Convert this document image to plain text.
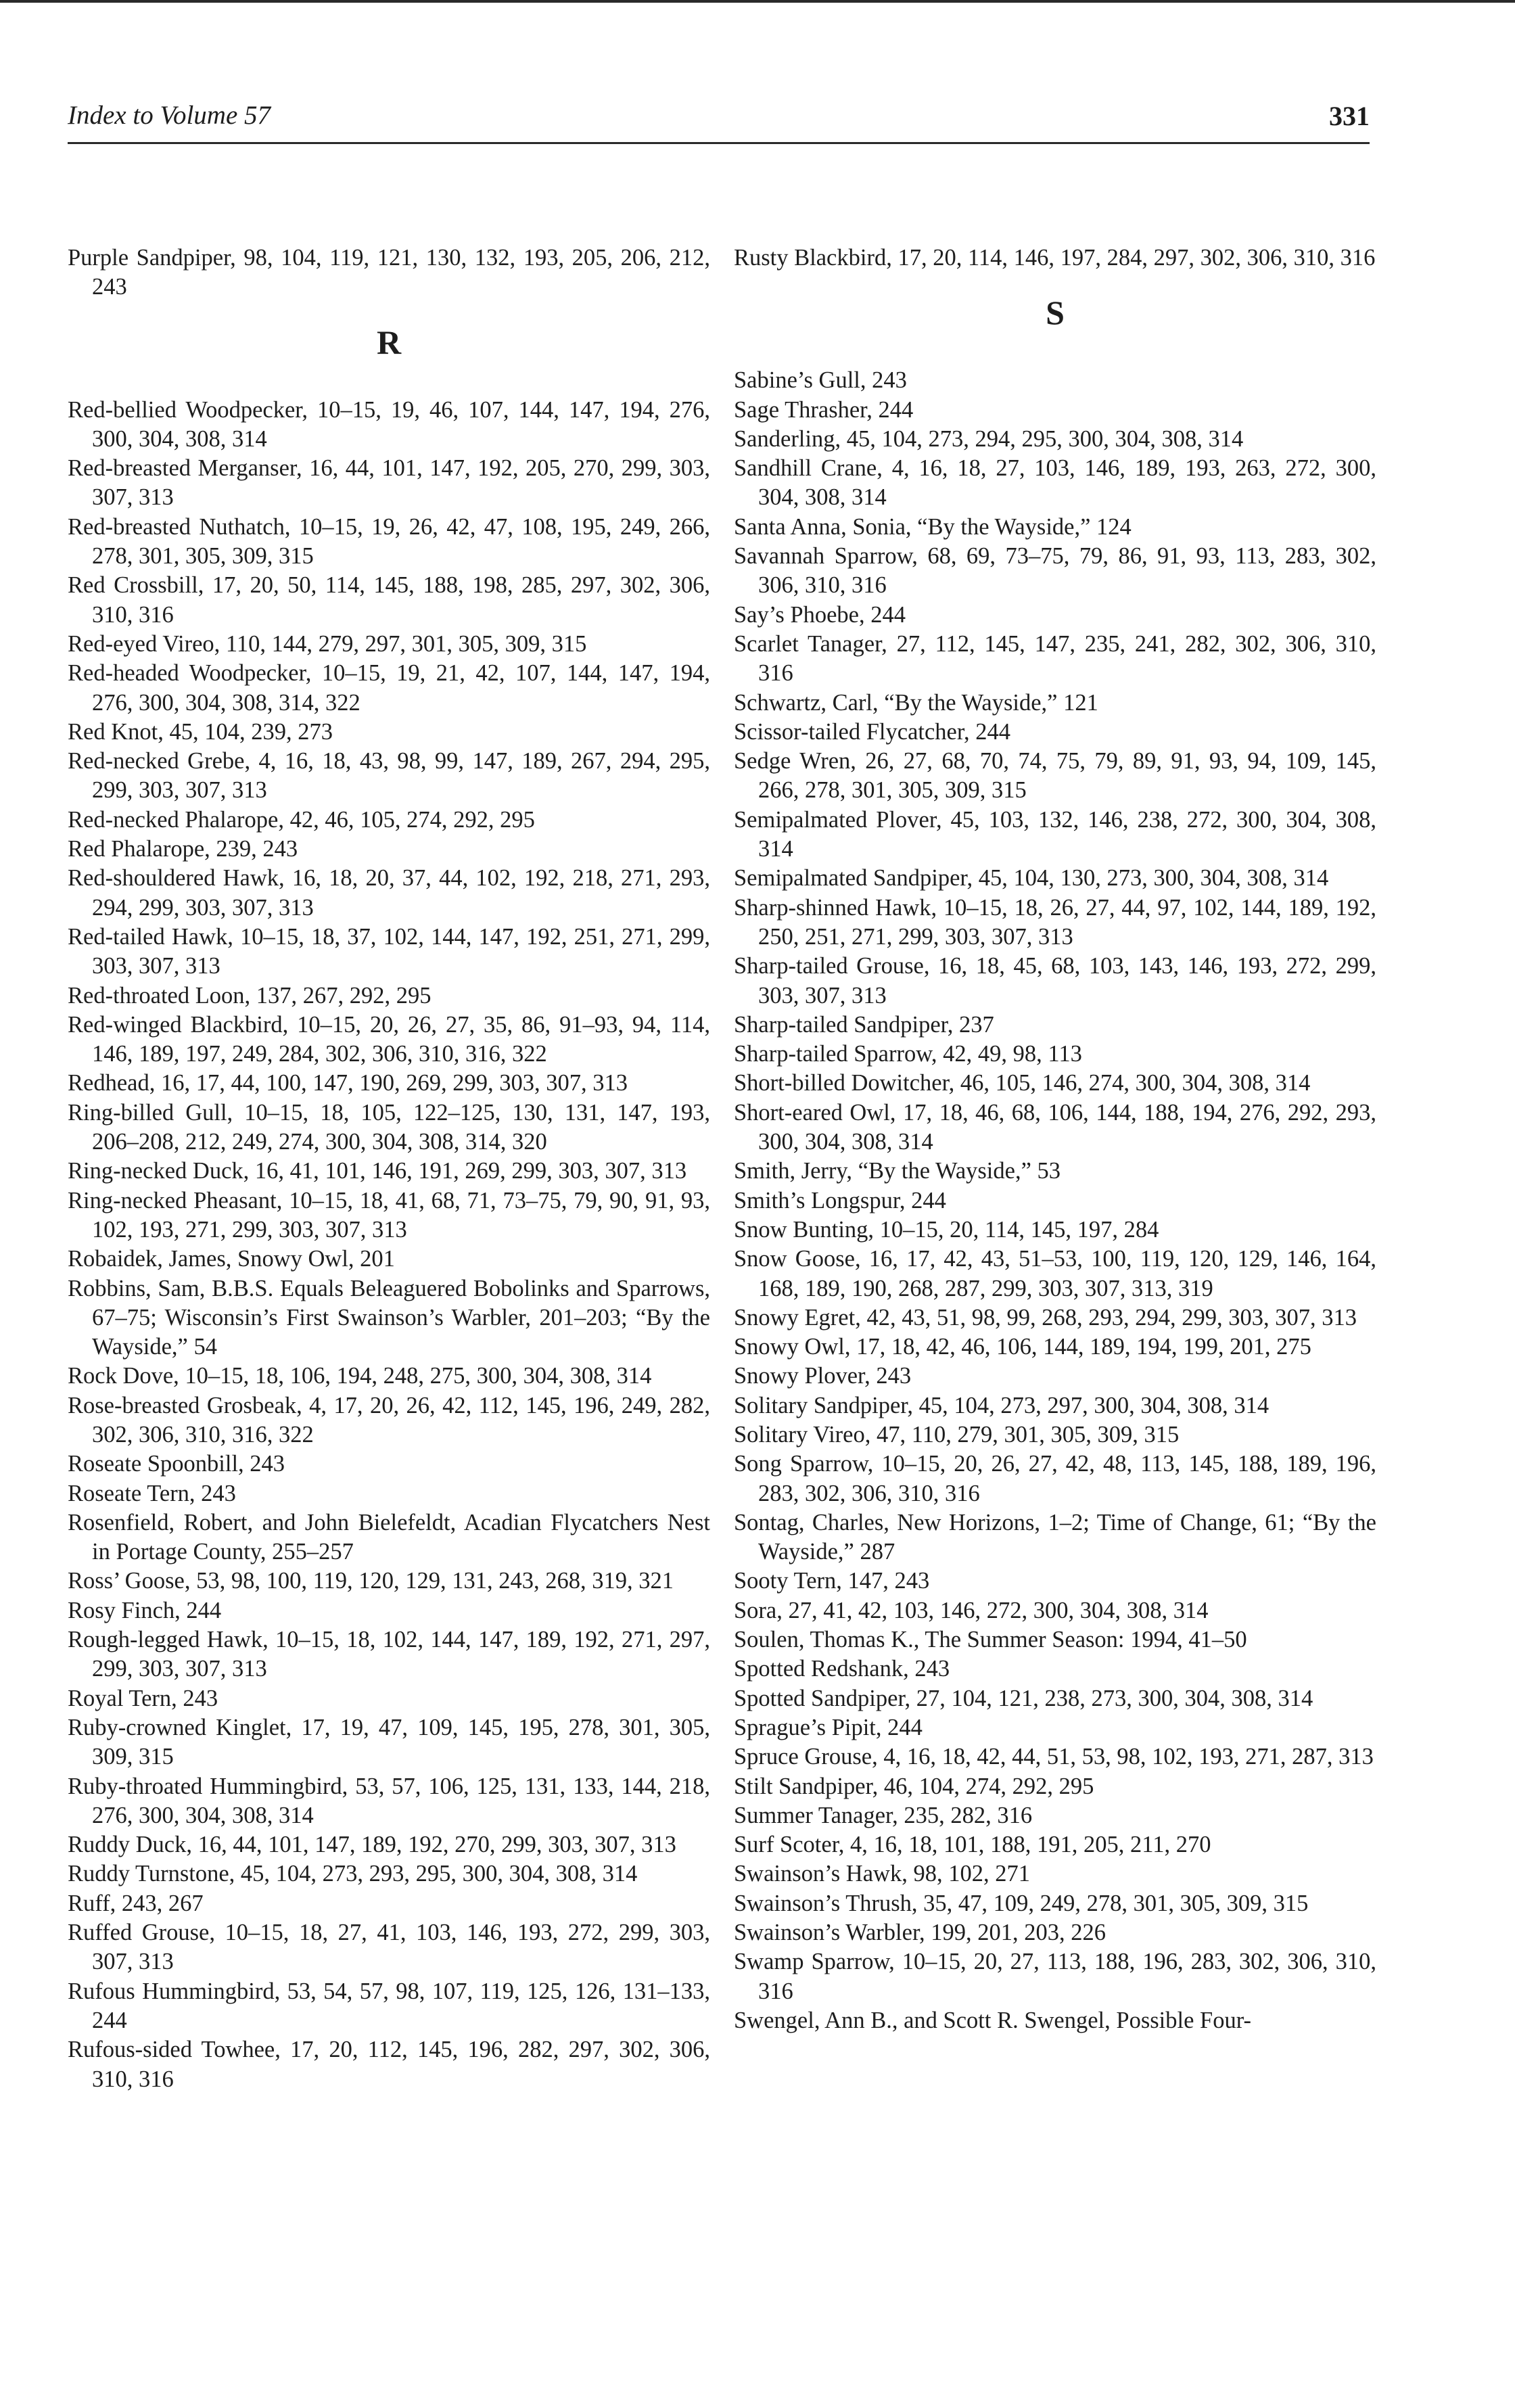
Index to Volume 57	331
Purple Sandpiper, 98, 104, 119, 121, 130, 132, 193, 205, 206, 212, 243
R
Red-bellied Woodpecker, 10–15, 19, 46, 107, 144, 147, 194, 276, 300, 304, 308, 314
Red-breasted Merganser, 16, 44, 101, 147, 192, 205, 270, 299, 303, 307, 313
Red-breasted Nuthatch, 10–15, 19, 26, 42, 47, 108, 195, 249, 266, 278, 301, 305, 309, 315
Red Crossbill, 17, 20, 50, 114, 145, 188, 198, 285, 297, 302, 306, 310, 316
Red-eyed Vireo, 110, 144, 279, 297, 301, 305, 309, 315
Red-headed Woodpecker, 10–15, 19, 21, 42, 107, 144, 147, 194, 276, 300, 304, 308, 314, 322
Red Knot, 45, 104, 239, 273
Red-necked Grebe, 4, 16, 18, 43, 98, 99, 147, 189, 267, 294, 295, 299, 303, 307, 313
Red-necked Phalarope, 42, 46, 105, 274, 292, 295
Red Phalarope, 239, 243
Red-shouldered Hawk, 16, 18, 20, 37, 44, 102, 192, 218, 271, 293, 294, 299, 303, 307, 313
Red-tailed Hawk, 10–15, 18, 37, 102, 144, 147, 192, 251, 271, 299, 303, 307, 313
Red-throated Loon, 137, 267, 292, 295
Red-winged Blackbird, 10–15, 20, 26, 27, 35, 86, 91–93, 94, 114, 146, 189, 197, 249, 284, 302, 306, 310, 316, 322
Redhead, 16, 17, 44, 100, 147, 190, 269, 299, 303, 307, 313
Ring-billed Gull, 10–15, 18, 105, 122–125, 130, 131, 147, 193, 206–208, 212, 249, 274, 300, 304, 308, 314, 320
Ring-necked Duck, 16, 41, 101, 146, 191, 269, 299, 303, 307, 313
Ring-necked Pheasant, 10–15, 18, 41, 68, 71, 73–75, 79, 90, 91, 93, 102, 193, 271, 299, 303, 307, 313
Robaidek, James, Snowy Owl, 201
Robbins, Sam, B.B.S. Equals Beleaguered Bobolinks and Sparrows, 67–75; Wisconsin’s First Swainson’s Warbler, 201–203; “By the Wayside,” 54
Rock Dove, 10–15, 18, 106, 194, 248, 275, 300, 304, 308, 314
Rose-breasted Grosbeak, 4, 17, 20, 26, 42, 112, 145, 196, 249, 282, 302, 306, 310, 316, 322
Roseate Spoonbill, 243
Roseate Tern, 243
Rosenfield, Robert, and John Bielefeldt, Acadian Flycatchers Nest in Portage County, 255–257
Ross’ Goose, 53, 98, 100, 119, 120, 129, 131, 243, 268, 319, 321
Rosy Finch, 244
Rough-legged Hawk, 10–15, 18, 102, 144, 147, 189, 192, 271, 297, 299, 303, 307, 313
Royal Tern, 243
Ruby-crowned Kinglet, 17, 19, 47, 109, 145, 195, 278, 301, 305, 309, 315
Ruby-throated Hummingbird, 53, 57, 106, 125, 131, 133, 144, 218, 276, 300, 304, 308, 314
Ruddy Duck, 16, 44, 101, 147, 189, 192, 270, 299, 303, 307, 313
Ruddy Turnstone, 45, 104, 273, 293, 295, 300, 304, 308, 314
Ruff, 243, 267
Ruffed Grouse, 10–15, 18, 27, 41, 103, 146, 193, 272, 299, 303, 307, 313
Rufous Hummingbird, 53, 54, 57, 98, 107, 119, 125, 126, 131–133, 244
Rufous-sided Towhee, 17, 20, 112, 145, 196, 282, 297, 302, 306, 310, 316
Rusty Blackbird, 17, 20, 114, 146, 197, 284, 297, 302, 306, 310, 316
S
Sabine’s Gull, 243
Sage Thrasher, 244
Sanderling, 45, 104, 273, 294, 295, 300, 304, 308, 314
Sandhill Crane, 4, 16, 18, 27, 103, 146, 189, 193, 263, 272, 300, 304, 308, 314
Santa Anna, Sonia, “By the Wayside,” 124
Savannah Sparrow, 68, 69, 73–75, 79, 86, 91, 93, 113, 283, 302, 306, 310, 316
Say’s Phoebe, 244
Scarlet Tanager, 27, 112, 145, 147, 235, 241, 282, 302, 306, 310, 316
Schwartz, Carl, “By the Wayside,” 121
Scissor-tailed Flycatcher, 244
Sedge Wren, 26, 27, 68, 70, 74, 75, 79, 89, 91, 93, 94, 109, 145, 266, 278, 301, 305, 309, 315
Semipalmated Plover, 45, 103, 132, 146, 238, 272, 300, 304, 308, 314
Semipalmated Sandpiper, 45, 104, 130, 273, 300, 304, 308, 314
Sharp-shinned Hawk, 10–15, 18, 26, 27, 44, 97, 102, 144, 189, 192, 250, 251, 271, 299, 303, 307, 313
Sharp-tailed Grouse, 16, 18, 45, 68, 103, 143, 146, 193, 272, 299, 303, 307, 313
Sharp-tailed Sandpiper, 237
Sharp-tailed Sparrow, 42, 49, 98, 113
Short-billed Dowitcher, 46, 105, 146, 274, 300, 304, 308, 314
Short-eared Owl, 17, 18, 46, 68, 106, 144, 188, 194, 276, 292, 293, 300, 304, 308, 314
Smith, Jerry, “By the Wayside,” 53
Smith’s Longspur, 244
Snow Bunting, 10–15, 20, 114, 145, 197, 284
Snow Goose, 16, 17, 42, 43, 51–53, 100, 119, 120, 129, 146, 164, 168, 189, 190, 268, 287, 299, 303, 307, 313, 319
Snowy Egret, 42, 43, 51, 98, 99, 268, 293, 294, 299, 303, 307, 313
Snowy Owl, 17, 18, 42, 46, 106, 144, 189, 194, 199, 201, 275
Snowy Plover, 243
Solitary Sandpiper, 45, 104, 273, 297, 300, 304, 308, 314
Solitary Vireo, 47, 110, 279, 301, 305, 309, 315
Song Sparrow, 10–15, 20, 26, 27, 42, 48, 113, 145, 188, 189, 196, 283, 302, 306, 310, 316
Sontag, Charles, New Horizons, 1–2; Time of Change, 61; “By the Wayside,” 287
Sooty Tern, 147, 243
Sora, 27, 41, 42, 103, 146, 272, 300, 304, 308, 314
Soulen, Thomas K., The Summer Season: 1994, 41–50
Spotted Redshank, 243
Spotted Sandpiper, 27, 104, 121, 238, 273, 300, 304, 308, 314
Sprague’s Pipit, 244
Spruce Grouse, 4, 16, 18, 42, 44, 51, 53, 98, 102, 193, 271, 287, 313
Stilt Sandpiper, 46, 104, 274, 292, 295
Summer Tanager, 235, 282, 316
Surf Scoter, 4, 16, 18, 101, 188, 191, 205, 211, 270
Swainson’s Hawk, 98, 102, 271
Swainson’s Thrush, 35, 47, 109, 249, 278, 301, 305, 309, 315
Swainson’s Warbler, 199, 201, 203, 226
Swamp Sparrow, 10–15, 20, 27, 113, 188, 196, 283, 302, 306, 310, 316
Swengel, Ann B., and Scott R. Swengel, Possible Four-
